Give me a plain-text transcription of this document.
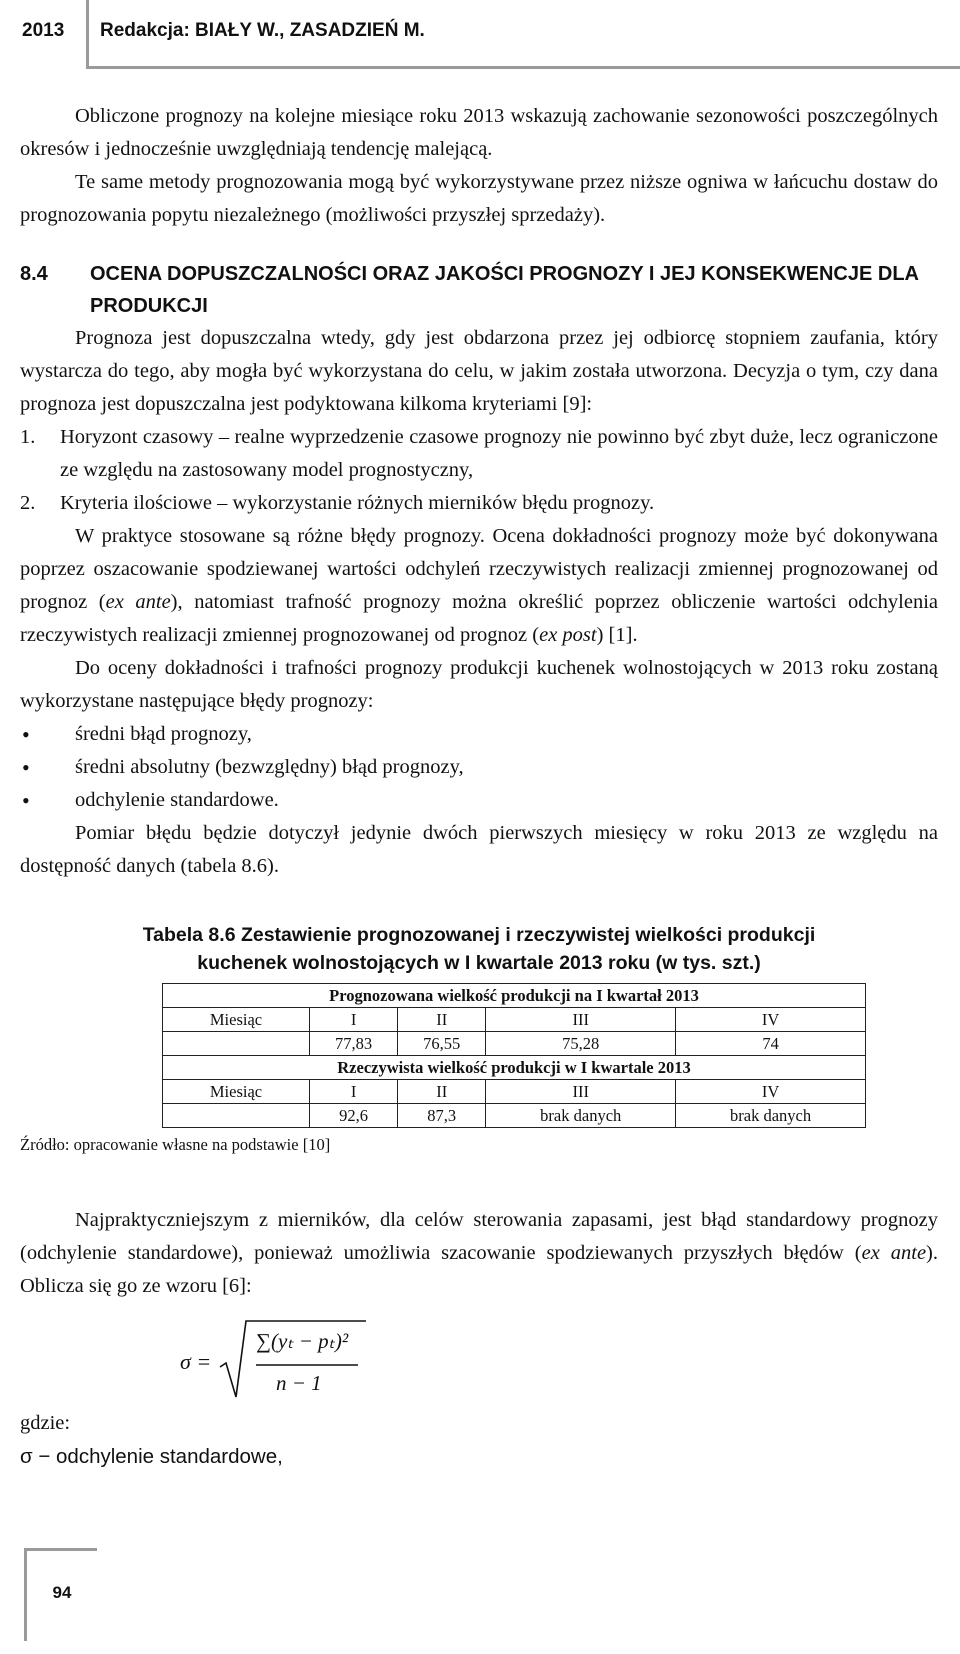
2013 Redakcja: BIAŁY W., ZASADZIEŃ M.

Obliczone prognozy na kolejne miesiące roku 2013 wskazują zachowanie sezonowości poszczególnych okresów i jednocześnie uwzględniają tendencję malejącą.

Te same metody prognozowania mogą być wykorzystywane przez niższe ogniwa w łańcuchu dostaw do prognozowania popytu niezależnego (możliwości przyszłej sprzedaży).

8.4	OCENA DOPUSZCZALNOŚCI ORAZ JAKOŚCI PROGNOZY I JEJ KONSEKWENCJE DLA PRODUKCJI

Prognoza jest dopuszczalna wtedy, gdy jest obdarzona przez jej odbiorcę stopniem zaufania, który wystarcza do tego, aby mogła być wykorzystana do celu, w jakim została utworzona. Decyzja o tym, czy dana prognoza jest dopuszczalna jest podyktowana kilkoma kryteriami [9]:

1.	Horyzont czasowy – realne wyprzedzenie czasowe prognozy nie powinno być zbyt duże, lecz ograniczone ze względu na zastosowany model prognostyczny,
2.	Kryteria ilościowe – wykorzystanie różnych mierników błędu prognozy.

W praktyce stosowane są różne błędy prognozy. Ocena dokładności prognozy może być dokonywana poprzez oszacowanie spodziewanej wartości odchyleń rzeczywistych realizacji zmiennej prognozowanej od prognoz (ex ante), natomiast trafność prognozy można określić poprzez obliczenie wartości odchylenia rzeczywistych realizacji zmiennej prognozowanej od prognoz (ex post) [1].

Do oceny dokładności i trafności prognozy produkcji kuchenek wolnostojących w 2013 roku zostaną wykorzystane następujące błędy prognozy:

• średni błąd prognozy,
• średni absolutny (bezwzględny) błąd prognozy,
• odchylenie standardowe.

Pomiar błędu będzie dotyczył jedynie dwóch pierwszych miesięcy w roku 2013 ze względu na dostępność danych (tabela 8.6).

Tabela 8.6 Zestawienie prognozowanej i rzeczywistej wielkości produkcji
kuchenek wolnostojących w I kwartale 2013 roku (w tys. szt.)
Prognozowana wielkość produkcji na I kwartał 2013				
Miesiąc	I	II	III	IV
	77,83	76,55	75,28	74
Rzeczywista wielkość produkcji w I kwartale 2013				
Miesiąc	I	II	III	IV
	92,6	87,3	brak danych	brak danych
Źródło: opracowanie własne na podstawie [10]

Najpraktyczniejszym z mierników, dla celów sterowania zapasami, jest błąd standardowy prognozy (odchylenie standardowe), ponieważ umożliwia szacowanie spodziewanych przyszłych błędów (ex ante). Oblicza się go ze wzoru [6]:

σ =
∑(yₜ − pₜ)²
n − 1
gdzie:
σ − odchylenie standardowe,
94
